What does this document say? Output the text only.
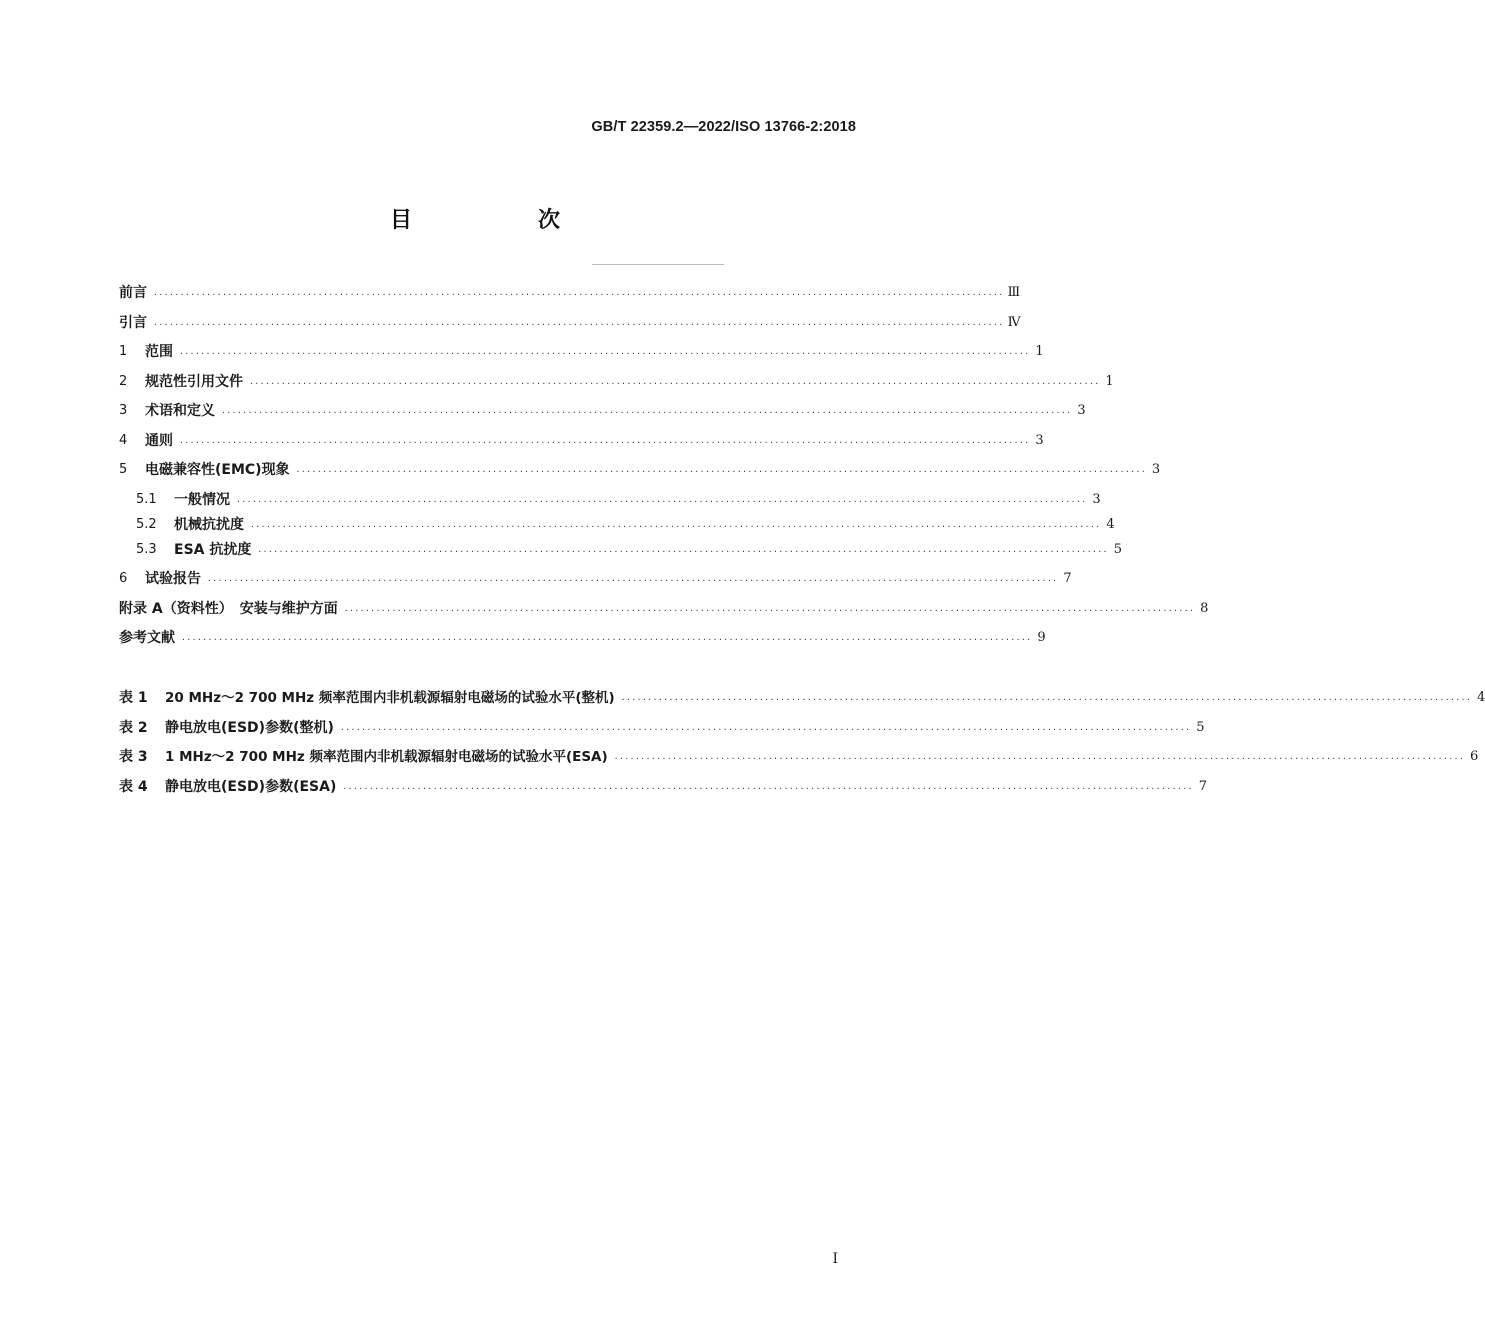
GB/T 22359.2—2022/ISO 13766-2:2018
目　次
前言 ································································································································································ Ⅲ
引言 ································································································································································ Ⅳ
1	范围 ································································································································································ 1
2	规范性引用文件 ································································································································································ 1
3	术语和定义 ································································································································································ 3
4	通则 ································································································································································ 3
5	电磁兼容性(EMC)现象 ································································································································································ 3
5.1	一般情况 ································································································································································ 3
5.2	机械抗扰度 ································································································································································ 4
5.3	ESA 抗扰度 ································································································································································ 5
6	试验报告 ································································································································································ 7
附录 A（资料性）　安装与维护方面 ································································································································································ 8
参考文献 ································································································································································ 9
表 1	20 MHz～2 700 MHz 频率范围内非机载源辐射电磁场的试验水平(整机) ································································································································································ 4
表 2	静电放电(ESD)参数(整机) ································································································································································ 5
表 3	1 MHz～2 700 MHz 频率范围内非机载源辐射电磁场的试验水平(ESA) ································································································································································ 6
表 4	静电放电(ESD)参数(ESA) ································································································································································ 7
I
